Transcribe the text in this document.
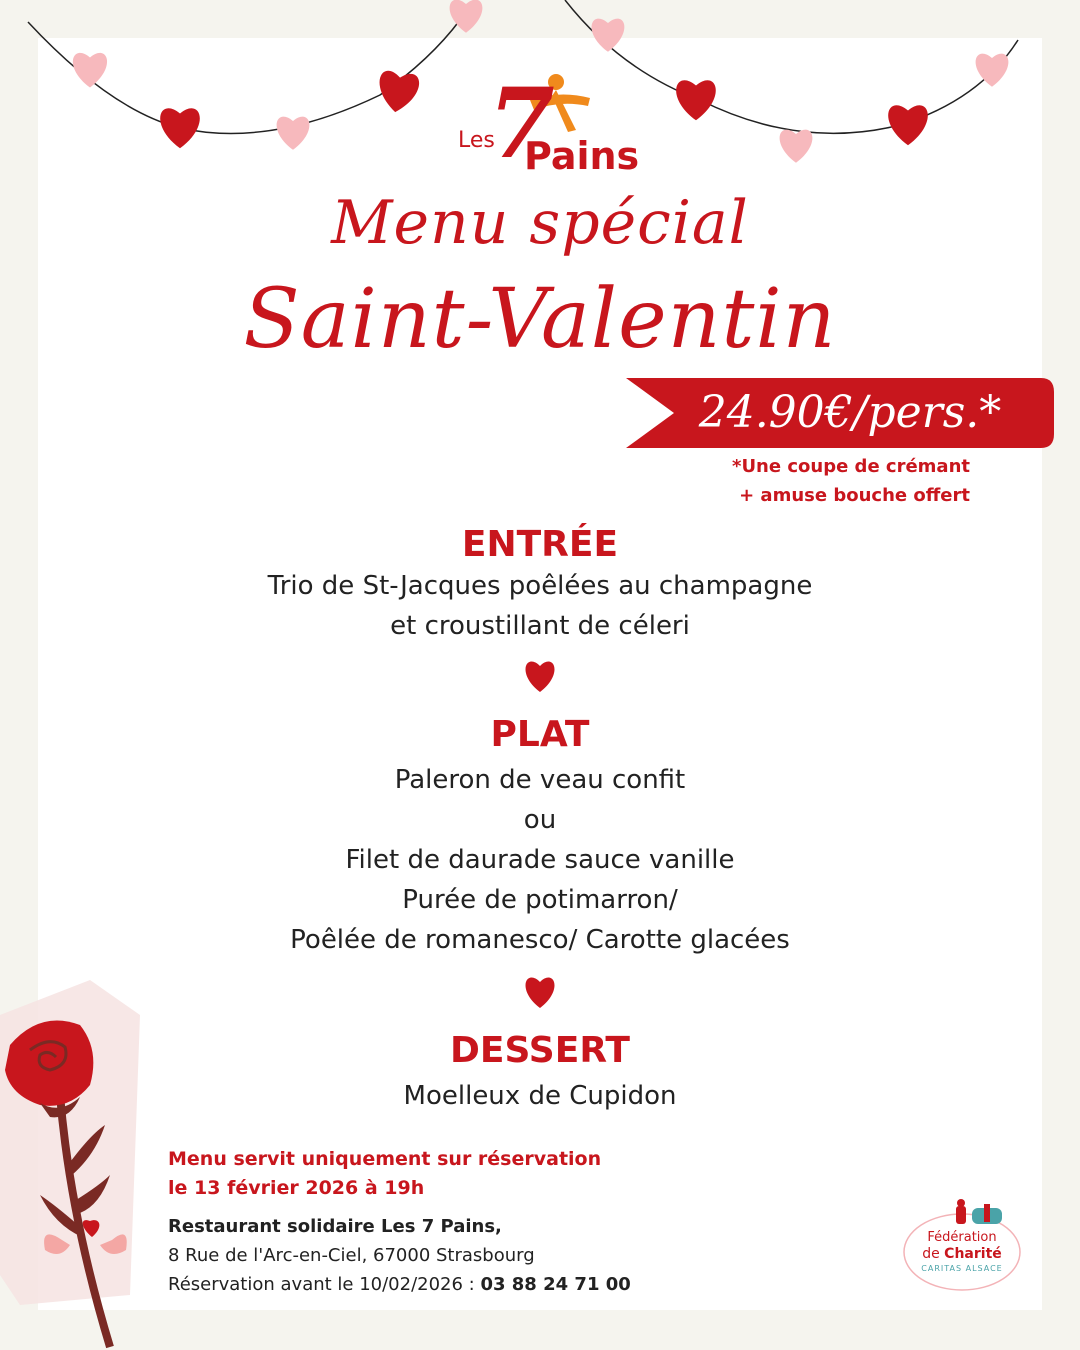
Les
7
Pains
Menu spécial
Saint-Valentin
24.90€/pers.*
*Une coupe de crémant
+ amuse bouche offert
ENTRÉE
Trio de St-Jacques poêlées au champagne
et croustillant de céleri
PLAT
Paleron de veau confit
ou
Filet de daurade sauce vanille
Purée de potimarron/
Poêlée de romanesco/ Carotte glacées
DESSERT
Moelleux de Cupidon
Menu servit uniquement sur réservation
le 13 février 2026 à 19h
Restaurant solidaire Les 7 Pains,
8 Rue de l'Arc-en-Ciel, 67000 Strasbourg
Réservation avant le 10/02/2026 : 03 88 24 71 00
Fédération
de Charité
CARITAS ALSACE
